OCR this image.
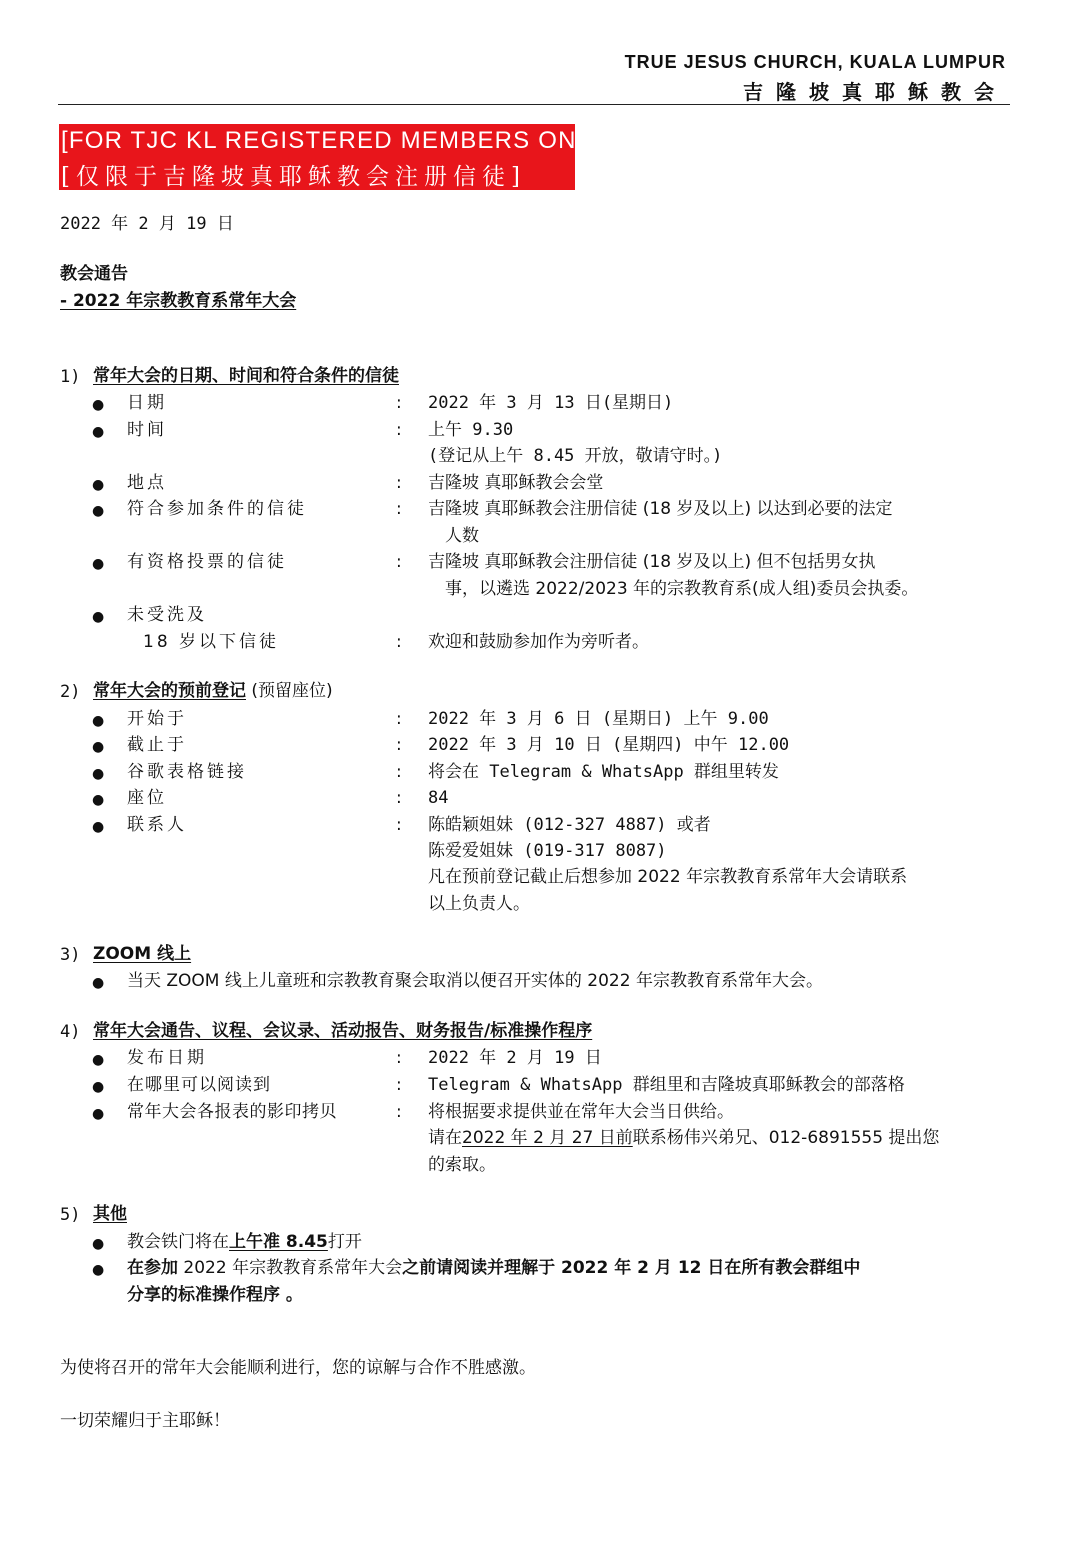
TRUE JESUS CHURCH, KUALA LUMPUR
吉隆坡真耶稣教会
[FOR TJC KL REGISTERED MEMBERS ONLY]
[仅限于吉隆坡真耶稣教会注册信徒]
2022 年 2 月 19 日
教会通告
- 2022 年宗教教育系常年大会
1) 常年大会的日期、时间和符合条件的信徒
● 日期	: 2022 年 3 月 13 日(星期日)
● 时间	: 上午 9.30
(登记从上午 8.45 开放，敬请守时。)
● 地点	: 吉隆坡 真耶稣教会会堂
● 符合参加条件的信徒	: 吉隆坡 真耶稣教会注册信徒 (18 岁及以上) 以达到必要的法定
人数
● 有资格投票的信徒	: 吉隆坡 真耶稣教会注册信徒 (18 岁及以上) 但不包括男女执
事，以遴选 2022/2023 年的宗教教育系(成人组)委员会执委。
● 未受洗及
18 岁以下信徒	: 欢迎和鼓励参加作为旁听者。
2) 常年大会的预前登记 (预留座位)
● 开始于	: 2022 年 3 月 6 日 (星期日) 上午 9.00
● 截止于	: 2022 年 3 月 10 日 (星期四) 中午 12.00
● 谷歌表格链接	: 将会在 Telegram & WhatsApp 群组里转发
● 座位	: 84
● 联系人	: 陈皓颖姐妹 (012-327 4887) 或者
陈爱爱姐妹 (019-317 8087)
凡在预前登记截止后想参加 2022 年宗教教育系常年大会请联系
以上负责人。
3) ZOOM 线上
● 当天 ZOOM 线上儿童班和宗教教育聚会取消以便召开实体的 2022 年宗教教育系常年大会。
4) 常年大会通告、议程、会议录、活动报告、财务报告/标准操作程序
● 发布日期	: 2022 年 2 月 19 日
● 在哪里可以阅读到	: Telegram & WhatsApp 群组里和吉隆坡真耶稣教会的部落格
● 常年大会各报表的影印拷贝	: 将根据要求提供並在常年大会当日供给。
请在2022 年 2 月 27 日前联系杨伟兴弟兄、012-6891555 提出您
的索取。
5) 其他
● 教会铁门将在上午准 8.45打开
● 在参加 2022 年宗教教育系常年大会之前请阅读并理解于 2022 年 2 月 12 日在所有教会群组中
分享的标准操作程序 。
为使将召开的常年大会能顺利进行，您的谅解与合作不胜感激。
一切荣耀归于主耶稣！
